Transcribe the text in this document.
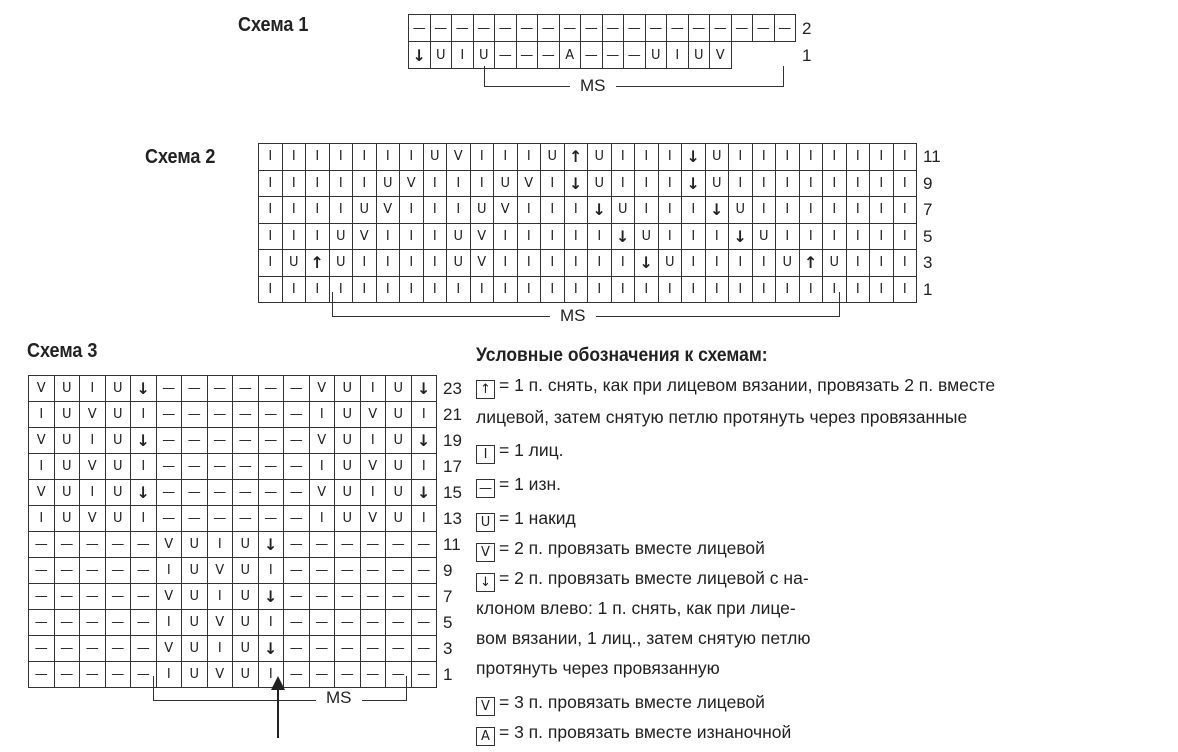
Схема 1	—	—	—	—	—	—	—	—	—	—	—	—	—	—	—	—	—	—
↓	U	I	U	—	—	—	A	—	—	—	U	I	U	V			
2
1
MS
Схема 2	I	I	I	I	I	I	I	U	V	I	I	I	U	↑	U	I	I	I	↓	U	I	I	I	I	I	I	I	I
I	I	I	I	I	U	V	I	I	I	U	V	I	↓	U	I	I	I	↓	U	I	I	I	I	I	I	I	I
I	I	I	I	U	V	I	I	I	U	V	I	I	I	↓	U	I	I	I	↓	U	I	I	I	I	I	I	I
I	I	I	U	V	I	I	I	U	V	I	I	I	I	I	↓	U	I	I	I	↓	U	I	I	I	I	I	I
I	U	↑	U	I	I	I	I	U	V	I	I	I	I	I	I	↓	U	I	I	I	I	U	↑	U	I	I	I
I	I	I	I	I	I	I	I	I	I	I	I	I	I	I	I	I	I	I	I	I	I	I	I	I	I	I	I
11
9
7
5
3
1
MS
Схема 3
V	U	I	U	↓	—	—	—	—	—	—	V	U	I	U	↓
I	U	V	U	I	—	—	—	—	—	—	I	U	V	U	I
V	U	I	U	↓	—	—	—	—	—	—	V	U	I	U	↓
I	U	V	U	I	—	—	—	—	—	—	I	U	V	U	I
V	U	I	U	↓	—	—	—	—	—	—	V	U	I	U	↓
I	U	V	U	I	—	—	—	—	—	—	I	U	V	U	I
—	—	—	—	—	V	U	I	U	↓	—	—	—	—	—	—
—	—	—	—	—	I	U	V	U	I	—	—	—	—	—	—
—	—	—	—	—	V	U	I	U	↓	—	—	—	—	—	—
—	—	—	—	—	I	U	V	U	I	—	—	—	—	—	—
—	—	—	—	—	V	U	I	U	↓	—	—	—	—	—	—
—	—	—	—	—	I	U	V	U	I	—	—	—	—	—	—
23
21
19
17
15
13
11
9
7
5
3
1
MS
Условные обозначения к схемам:
↑ = 1 п. снять, как при лицевом вязании, провязать 2 п. вместе
лицевой, затем снятую петлю протянуть через провязанные
I = 1 лиц.
— = 1 изн.
U = 1 накид
V = 2 п. провязать вместе лицевой
↓ = 2 п. провязать вместе лицевой с на-
клоном влево: 1 п. снять, как при лице-
вом вязании, 1 лиц., затем снятую петлю
протянуть через провязанную
V = 3 п. провязать вместе лицевой
A = 3 п. провязать вместе изнаночной
